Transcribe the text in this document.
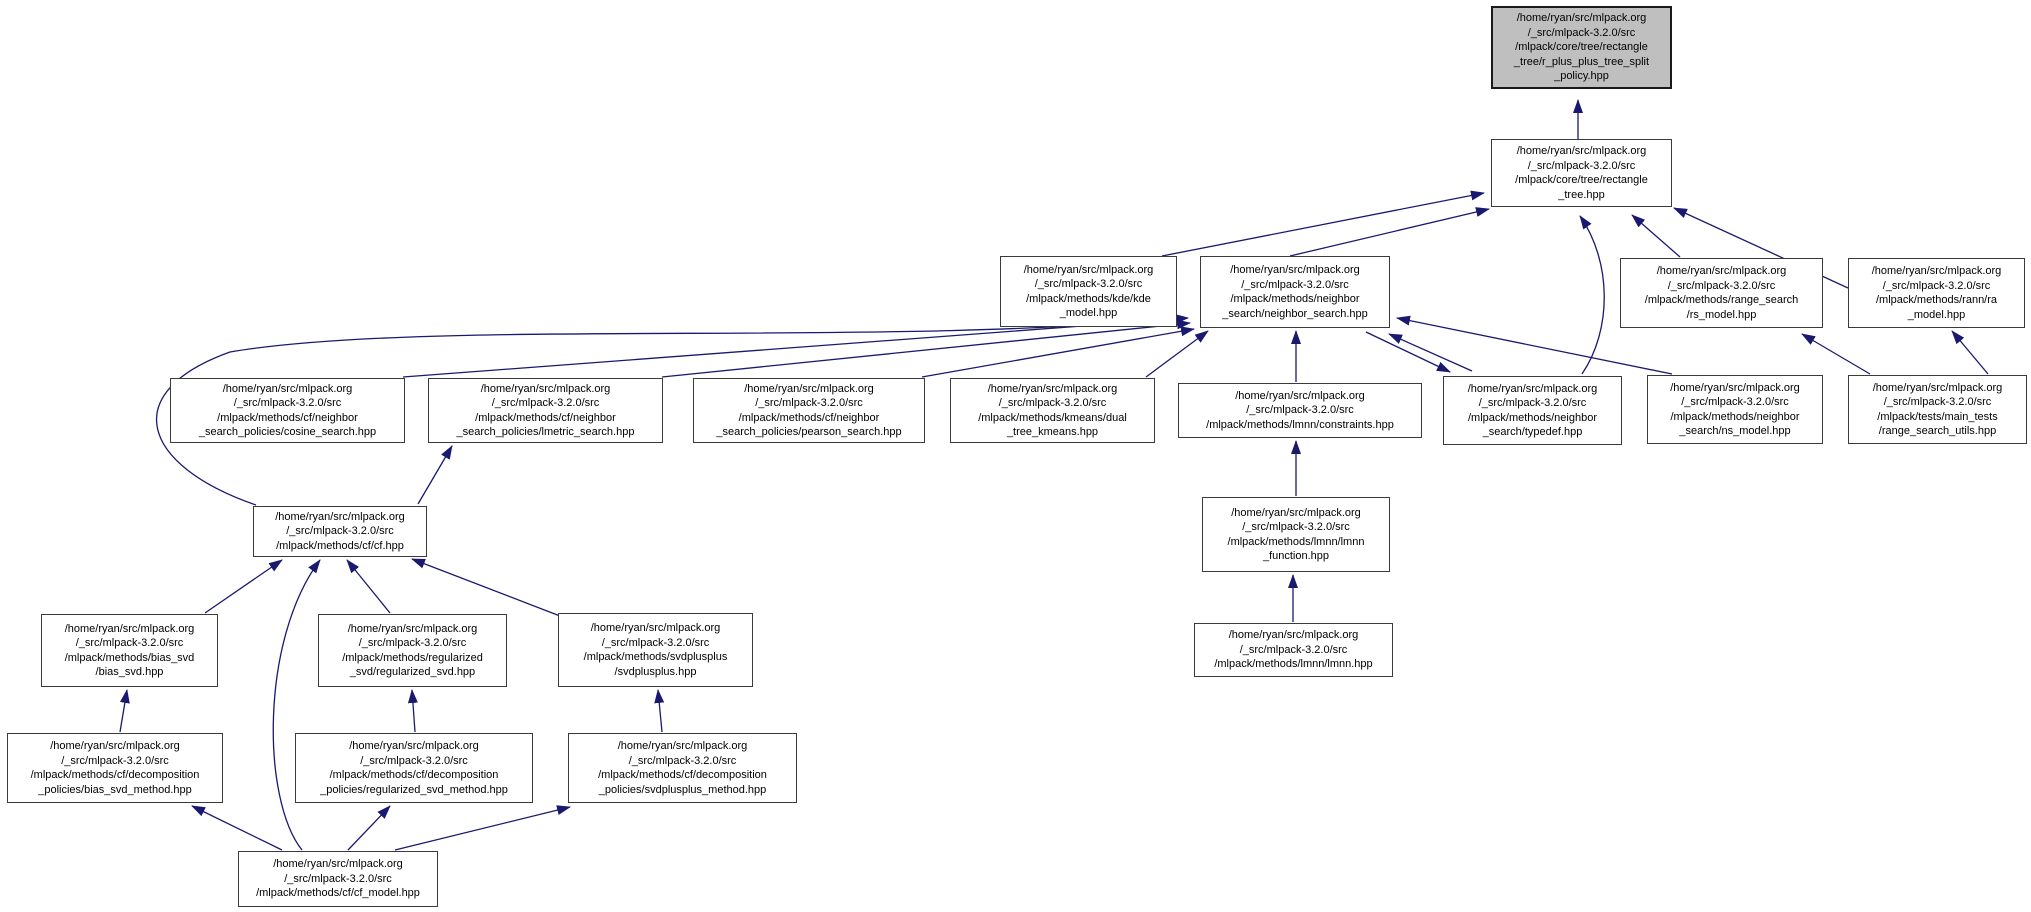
/home/ryan/src/mlpack.org
/_src/mlpack-3.2.0/src
/mlpack/core/tree/rectangle
_tree/r_plus_plus_tree_split
_policy.hpp
/home/ryan/src/mlpack.org
/_src/mlpack-3.2.0/src
/mlpack/core/tree/rectangle
_tree.hpp
/home/ryan/src/mlpack.org
/_src/mlpack-3.2.0/src
/mlpack/methods/kde/kde
_model.hpp
/home/ryan/src/mlpack.org
/_src/mlpack-3.2.0/src
/mlpack/methods/neighbor
_search/neighbor_search.hpp
/home/ryan/src/mlpack.org
/_src/mlpack-3.2.0/src
/mlpack/methods/range_search
/rs_model.hpp
/home/ryan/src/mlpack.org
/_src/mlpack-3.2.0/src
/mlpack/methods/rann/ra
_model.hpp
/home/ryan/src/mlpack.org
/_src/mlpack-3.2.0/src
/mlpack/methods/cf/neighbor
_search_policies/cosine_search.hpp
/home/ryan/src/mlpack.org
/_src/mlpack-3.2.0/src
/mlpack/methods/cf/neighbor
_search_policies/lmetric_search.hpp
/home/ryan/src/mlpack.org
/_src/mlpack-3.2.0/src
/mlpack/methods/cf/neighbor
_search_policies/pearson_search.hpp
/home/ryan/src/mlpack.org
/_src/mlpack-3.2.0/src
/mlpack/methods/kmeans/dual
_tree_kmeans.hpp
/home/ryan/src/mlpack.org
/_src/mlpack-3.2.0/src
/mlpack/methods/lmnn/constraints.hpp
/home/ryan/src/mlpack.org
/_src/mlpack-3.2.0/src
/mlpack/methods/neighbor
_search/typedef.hpp
/home/ryan/src/mlpack.org
/_src/mlpack-3.2.0/src
/mlpack/methods/neighbor
_search/ns_model.hpp
/home/ryan/src/mlpack.org
/_src/mlpack-3.2.0/src
/mlpack/tests/main_tests
/range_search_utils.hpp
/home/ryan/src/mlpack.org
/_src/mlpack-3.2.0/src
/mlpack/methods/cf/cf.hpp
/home/ryan/src/mlpack.org
/_src/mlpack-3.2.0/src
/mlpack/methods/lmnn/lmnn
_function.hpp
/home/ryan/src/mlpack.org
/_src/mlpack-3.2.0/src
/mlpack/methods/bias_svd
/bias_svd.hpp
/home/ryan/src/mlpack.org
/_src/mlpack-3.2.0/src
/mlpack/methods/regularized
_svd/regularized_svd.hpp
/home/ryan/src/mlpack.org
/_src/mlpack-3.2.0/src
/mlpack/methods/svdplusplus
/svdplusplus.hpp
/home/ryan/src/mlpack.org
/_src/mlpack-3.2.0/src
/mlpack/methods/lmnn/lmnn.hpp
/home/ryan/src/mlpack.org
/_src/mlpack-3.2.0/src
/mlpack/methods/cf/decomposition
_policies/bias_svd_method.hpp
/home/ryan/src/mlpack.org
/_src/mlpack-3.2.0/src
/mlpack/methods/cf/decomposition
_policies/regularized_svd_method.hpp
/home/ryan/src/mlpack.org
/_src/mlpack-3.2.0/src
/mlpack/methods/cf/decomposition
_policies/svdplusplus_method.hpp
/home/ryan/src/mlpack.org
/_src/mlpack-3.2.0/src
/mlpack/methods/cf/cf_model.hpp
